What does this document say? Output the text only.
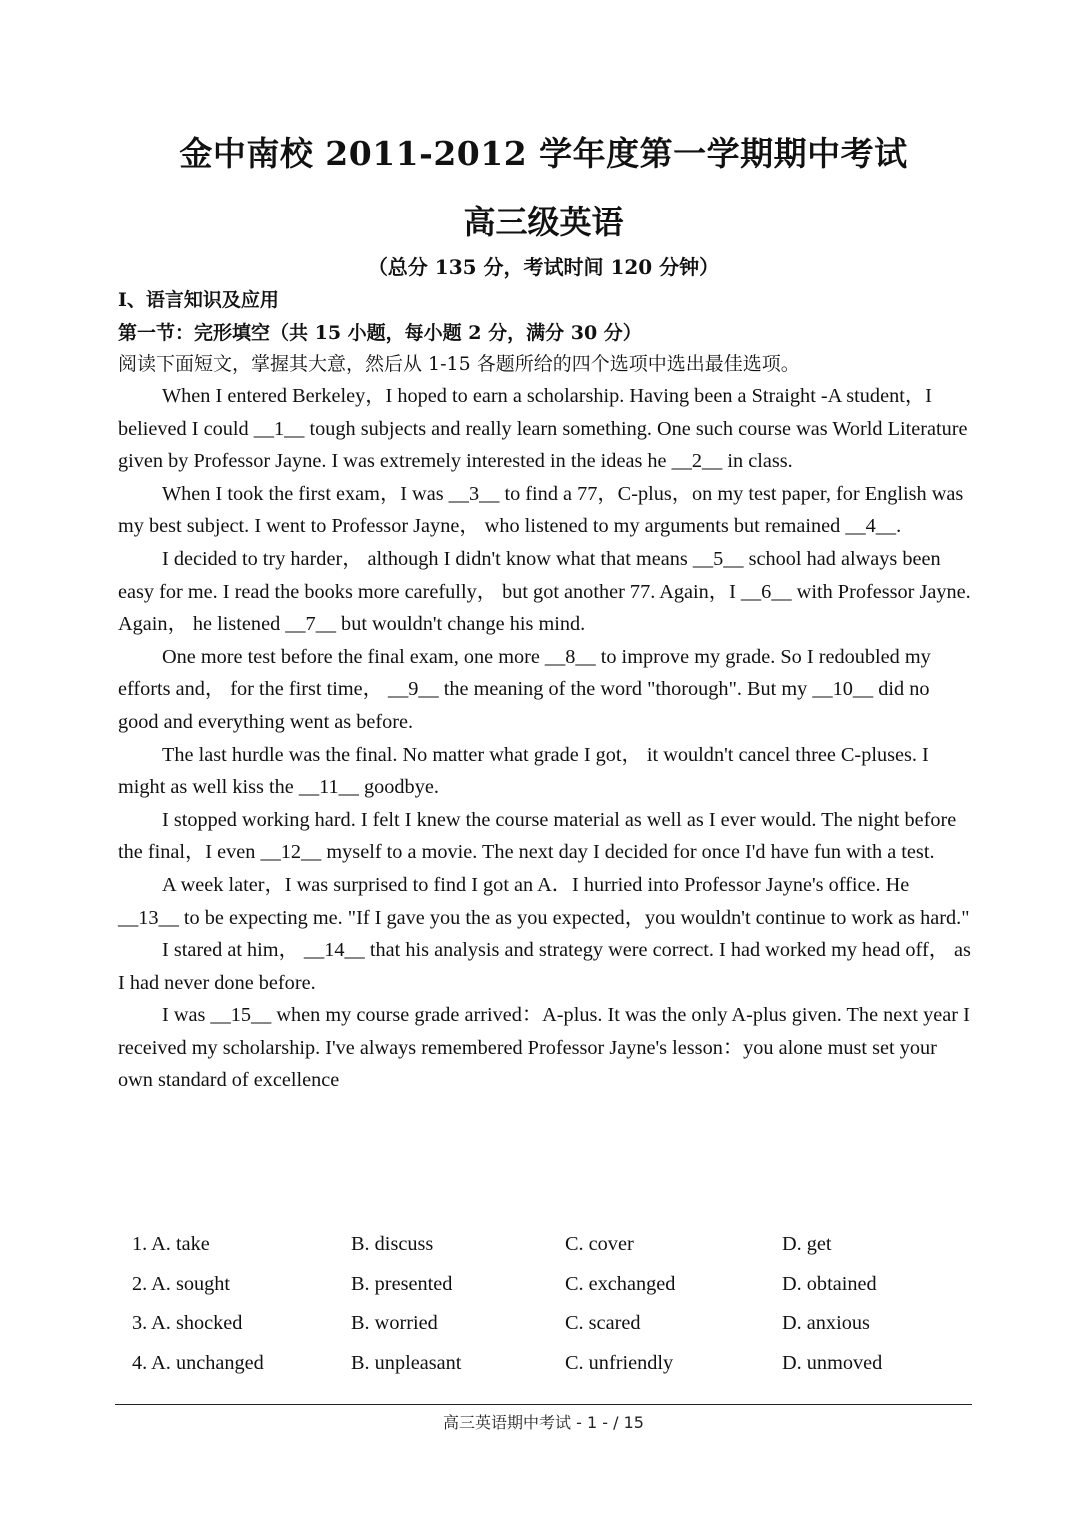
金中南校 2011-2012 学年度第一学期期中考试
高三级英语
（总分 135 分，考试时间 120 分钟）
I、语言知识及应用
第一节：完形填空（共 15 小题，每小题 2 分，满分 30 分）
阅读下面短文，掌握其大意，然后从 1-15 各题所给的四个选项中选出最佳选项。

When I entered Berkeley，I hoped to earn a scholarship. Having been a Straight -A student，I believed I could __1__ tough subjects and really learn something. One such course was World Literature given by Professor Jayne. I was extremely interested in the ideas he __2__ in class.

When I took the first exam，I was __3__ to find a 77，C-plus，on my test paper, for English was my best subject. I went to Professor Jayne， who listened to my arguments but remained __4__.

I decided to try harder， although I didn't know what that means __5__ school had always been easy for me. I read the books more carefully， but got another 77. Again，I __6__ with Professor Jayne. Again， he listened __7__ but wouldn't change his mind.

One more test before the final exam, one more __8__ to improve my grade. So I redoubled my efforts and， for the first time， __9__ the meaning of the word "thorough". But my __10__ did no good and everything went as before.

The last hurdle was the final. No matter what grade I got， it wouldn't cancel three C-pluses. I might as well kiss the __11__ goodbye.

I stopped working hard. I felt I knew the course material as well as I ever would. The night before the final，I even __12__ myself to a movie. The next day I decided for once I'd have fun with a test.

A week later，I was surprised to find I got an A．I hurried into Professor Jayne's office. He __13__ to be expecting me. "If I gave you the as you expected，you wouldn't continue to work as hard."

I stared at him， __14__ that his analysis and strategy were correct. I had worked my head off， as I had never done before.

I was __15__ when my course grade arrived：A-plus. It was the only A-plus given. The next year I received my scholarship. I've always remembered Professor Jayne's lesson：you alone must set your own standard of excellence

1. A. take	B. discuss	C. cover	D. get
2. A. sought	B. presented	C. exchanged	D. obtained
3. A. shocked	B. worried	C. scared	D. anxious
4. A. unchanged	B. unpleasant	C. unfriendly	D. unmoved
高三英语期中考试 - 1 - / 15
